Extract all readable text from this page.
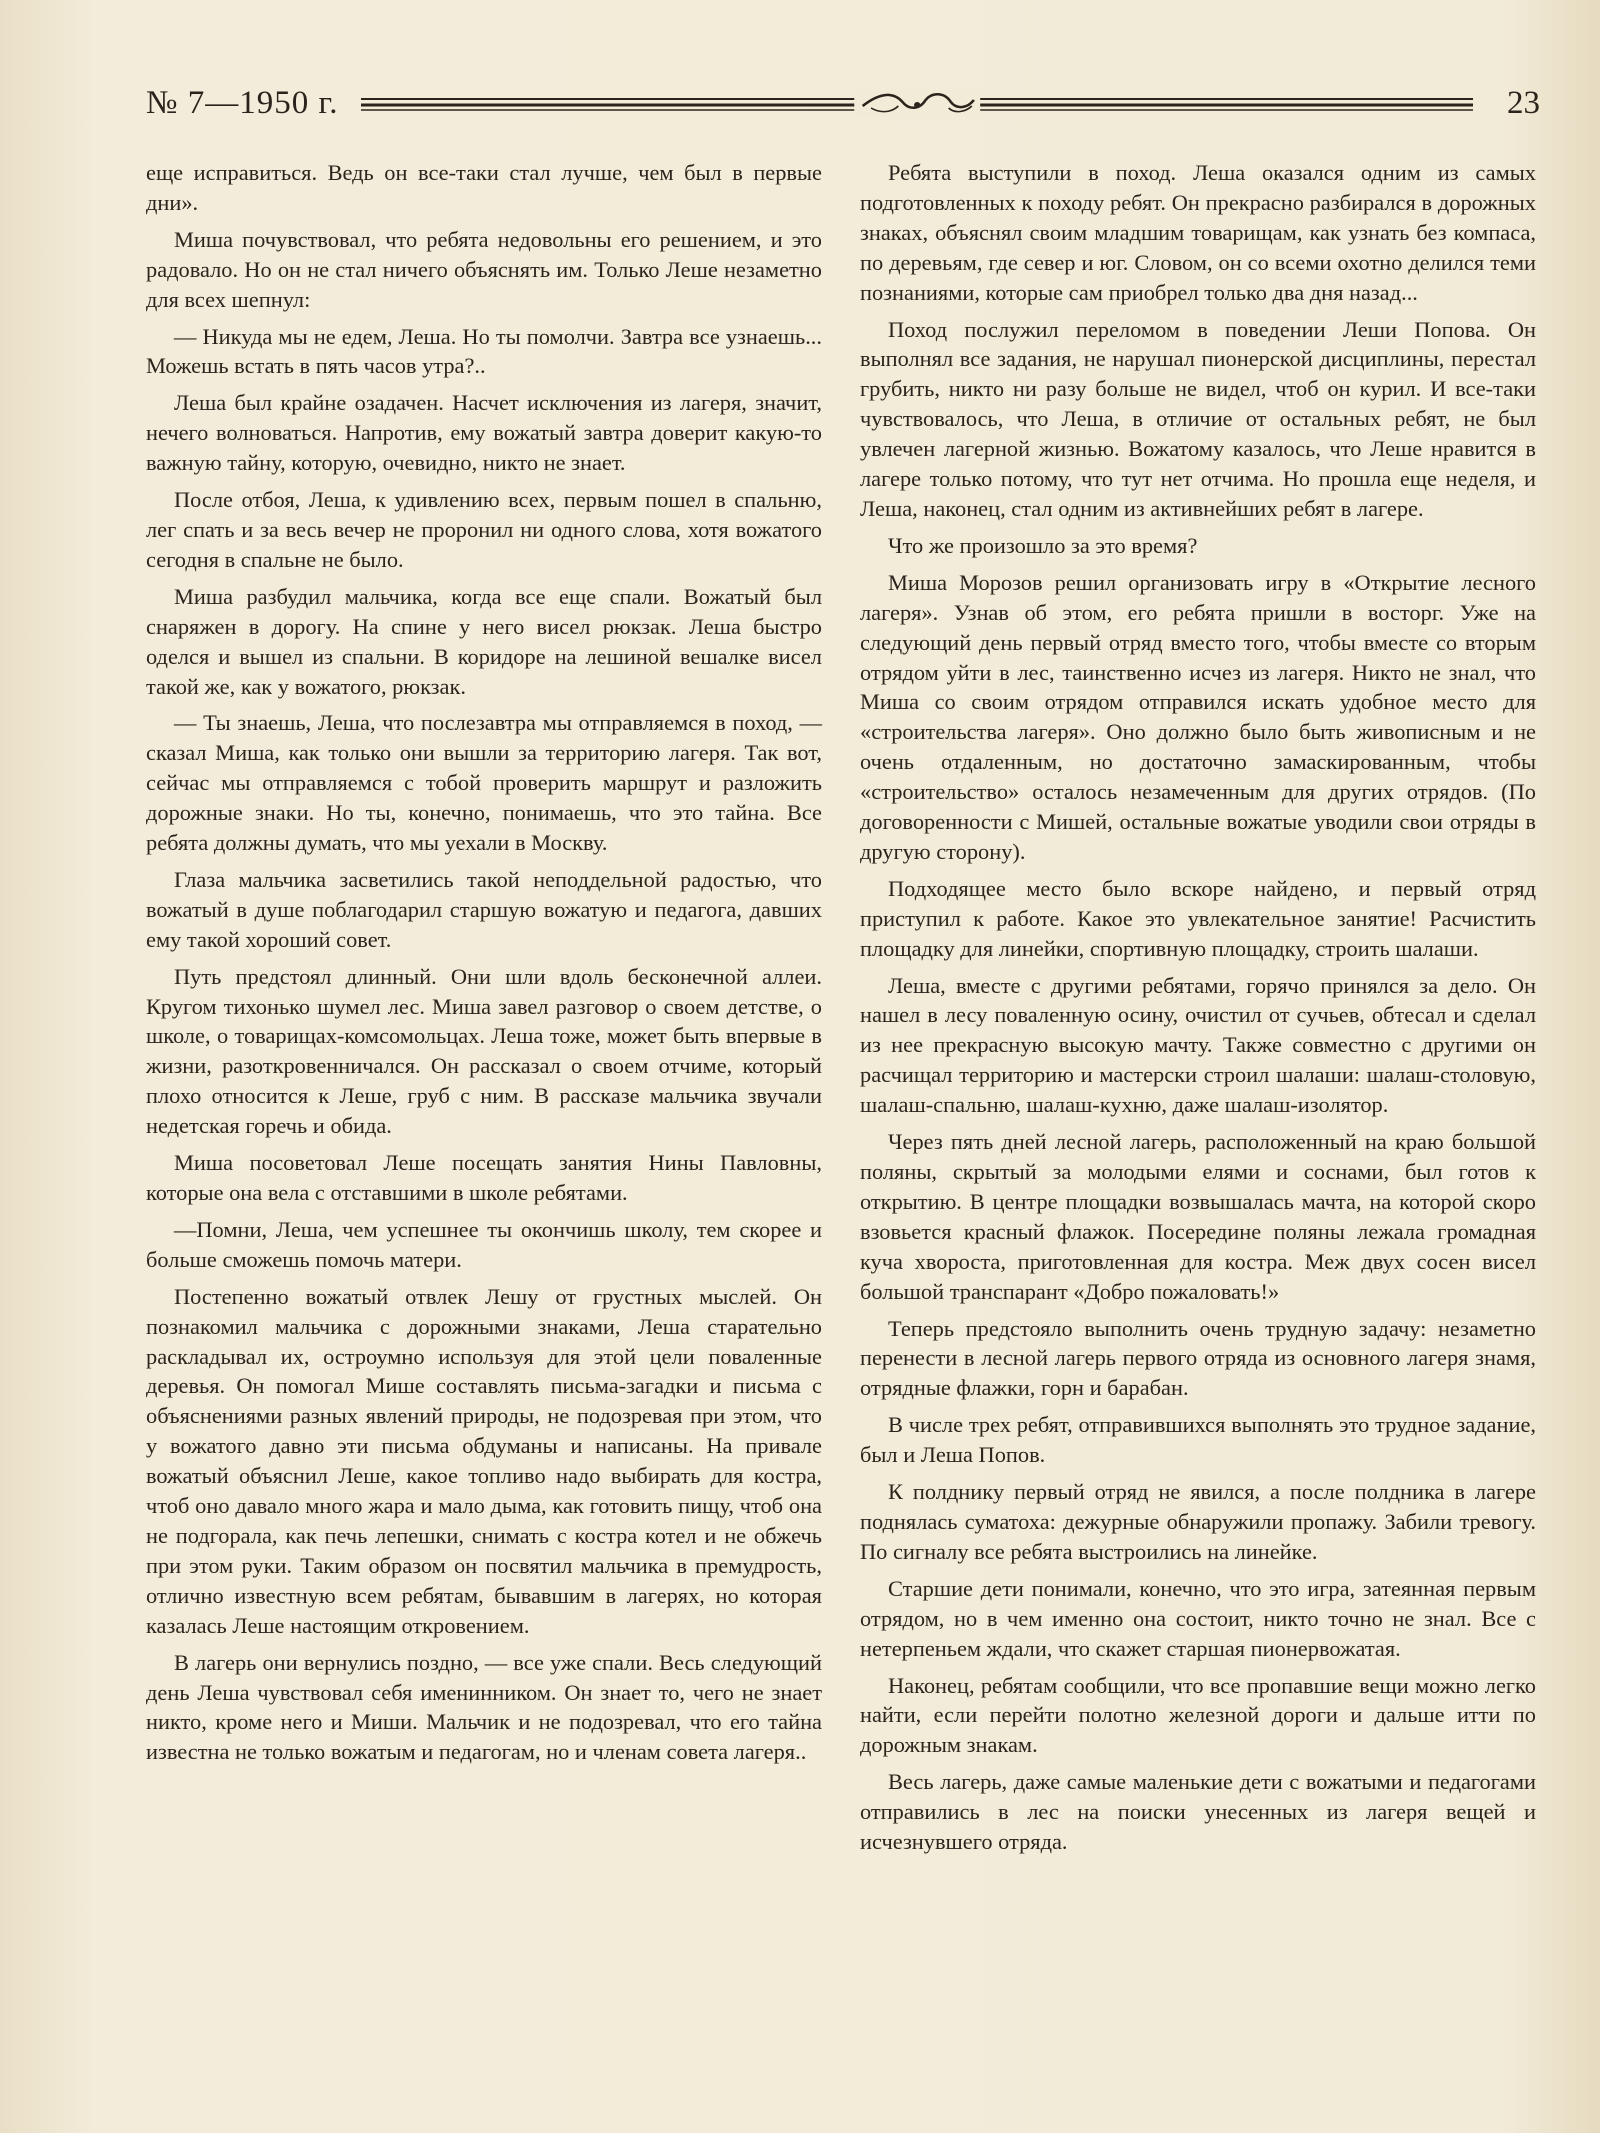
№ 7—1950 г.	23

еще исправиться. Ведь он все-таки стал лучше, чем был в первые дни».

Миша почувствовал, что ребята недовольны его решением, и это радовало. Но он не стал ничего объяснять им. Только Леше незаметно для всех шепнул:

— Никуда мы не едем, Леша. Но ты помолчи. Завтра все узнаешь... Можешь встать в пять часов утра?..

Леша был крайне озадачен. Насчет исключения из лагеря, значит, нечего волноваться. Напротив, ему вожатый завтра доверит какую-то важную тайну, которую, очевидно, никто не знает.

После отбоя, Леша, к удивлению всех, первым пошел в спальню, лег спать и за весь вечер не проронил ни одного слова, хотя вожатого сегодня в спальне не было.

Миша разбудил мальчика, когда все еще спали. Вожатый был снаряжен в дорогу. На спине у него висел рюкзак. Леша быстро оделся и вышел из спальни. В коридоре на лешиной вешалке висел такой же, как у вожатого, рюкзак.

— Ты знаешь, Леша, что послезавтра мы отправляемся в поход, — сказал Миша, как только они вышли за территорию лагеря. Так вот, сейчас мы отправляемся с тобой проверить маршрут и разложить дорожные знаки. Но ты, конечно, понимаешь, что это тайна. Все ребята должны думать, что мы уехали в Москву.

Глаза мальчика засветились такой неподдельной радостью, что вожатый в душе поблагодарил старшую вожатую и педагога, давших ему такой хороший совет.

Путь предстоял длинный. Они шли вдоль бесконечной аллеи. Кругом тихонько шумел лес. Миша завел разговор о своем детстве, о школе, о товарищах-комсомольцах. Леша тоже, может быть впервые в жизни, разоткровенничался. Он рассказал о своем отчиме, который плохо относится к Леше, груб с ним. В рассказе мальчика звучали недетская горечь и обида.

Миша посоветовал Леше посещать занятия Нины Павловны, которые она вела с отставшими в школе ребятами.

—Помни, Леша, чем успешнее ты окончишь школу, тем скорее и больше сможешь помочь матери.

Постепенно вожатый отвлек Лешу от грустных мыслей. Он познакомил мальчика с дорожными знаками, Леша старательно раскладывал их, остроумно используя для этой цели поваленные деревья. Он помогал Мише составлять письма-загадки и письма с объяснениями разных явлений природы, не подозревая при этом, что у вожатого давно эти письма обдуманы и написаны. На привале вожатый объяснил Леше, какое топливо надо выбирать для костра, чтоб оно давало много жара и мало дыма, как готовить пищу, чтоб она не подгорала, как печь лепешки, снимать с костра котел и не обжечь при этом руки. Таким образом он посвятил мальчика в премудрость, отлично известную всем ребятам, бывавшим в лагерях, но которая казалась Леше настоящим откровением.

В лагерь они вернулись поздно, — все уже спали. Весь следующий день Леша чувствовал себя именинником. Он знает то, чего не знает никто, кроме него и Миши. Мальчик и не подозревал, что его тайна известна не только вожатым и педагогам, но и членам совета лагеря..

Ребята выступили в поход. Леша оказался одним из самых подготовленных к походу ребят. Он прекрасно разбирался в дорожных знаках, объяснял своим младшим товарищам, как узнать без компаса, по деревьям, где север и юг. Словом, он со всеми охотно делился теми познаниями, которые сам приобрел только два дня назад...

Поход послужил переломом в поведении Леши Попова. Он выполнял все задания, не нарушал пионерской дисциплины, перестал грубить, никто ни разу больше не видел, чтоб он курил. И все-таки чувствовалось, что Леша, в отличие от остальных ребят, не был увлечен лагерной жизнью. Вожатому казалось, что Леше нравится в лагере только потому, что тут нет отчима. Но прошла еще неделя, и Леша, наконец, стал одним из активнейших ребят в лагере.

Что же произошло за это время?

Миша Морозов решил организовать игру в «Открытие лесного лагеря». Узнав об этом, его ребята пришли в восторг. Уже на следующий день первый отряд вместо того, чтобы вместе со вторым отрядом уйти в лес, таинственно исчез из лагеря. Никто не знал, что Миша со своим отрядом отправился искать удобное место для «строительства лагеря». Оно должно было быть живописным и не очень отдаленным, но достаточно замаскированным, чтобы «строительство» осталось незамеченным для других отрядов. (По договоренности с Мишей, остальные вожатые уводили свои отряды в другую сторону).

Подходящее место было вскоре найдено, и первый отряд приступил к работе. Какое это увлекательное занятие! Расчистить площадку для линейки, спортивную площадку, строить шалаши.

Леша, вместе с другими ребятами, горячо принялся за дело. Он нашел в лесу поваленную осину, очистил от сучьев, обтесал и сделал из нее прекрасную высокую мачту. Также совместно с другими он расчищал территорию и мастерски строил шалаши: шалаш-столовую, шалаш-спальню, шалаш-кухню, даже шалаш-изолятор.

Через пять дней лесной лагерь, расположенный на краю большой поляны, скрытый за молодыми елями и соснами, был готов к открытию. В центре площадки возвышалась мачта, на которой скоро взовьется красный флажок. Посередине поляны лежала громадная куча хвороста, приготовленная для костра. Меж двух сосен висел большой транспарант «Добро пожаловать!»

Теперь предстояло выполнить очень трудную задачу: незаметно перенести в лесной лагерь первого отряда из основного лагеря знамя, отрядные флажки, горн и барабан.

В числе трех ребят, отправившихся выполнять это трудное задание, был и Леша Попов.

К полднику первый отряд не явился, а после полдника в лагере поднялась суматоха: дежурные обнаружили пропажу. Забили тревогу. По сигналу все ребята выстроились на линейке.

Старшие дети понимали, конечно, что это игра, затеянная первым отрядом, но в чем именно она состоит, никто точно не знал. Все с нетерпеньем ждали, что скажет старшая пионервожатая.

Наконец, ребятам сообщили, что все пропавшие вещи можно легко найти, если перейти полотно железной дороги и дальше итти по дорожным знакам.

Весь лагерь, даже самые маленькие дети с вожатыми и педагогами отправились в лес на поиски унесенных из лагеря вещей и исчезнувшего отряда.
